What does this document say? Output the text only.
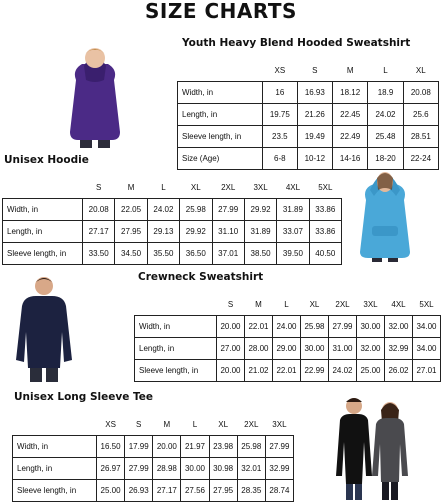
SIZE CHARTS
Youth Heavy Blend Hooded Sweatshirt
	XS	S	M	L	XL
Width, in	16	16.93	18.12	18.9	20.08
Length, in	19.75	21.26	22.45	24.02	25.6
Sleeve length, in	23.5	19.49	22.49	25.48	28.51
Size (Age)	6-8	10-12	14-16	18-20	22-24
Unisex Hoodie
	S	M	L	XL	2XL	3XL	4XL	5XL
Width, in	20.08	22.05	24.02	25.98	27.99	29.92	31.89	33.86
Length, in	27.17	27.95	29.13	29.92	31.10	31.89	33.07	33.86
Sleeve length, in	33.50	34.50	35.50	36.50	37.01	38.50	39.50	40.50
Crewneck Sweatshirt
	S	M	L	XL	2XL	3XL	4XL	5XL
Width, in	20.00	22.01	24.00	25.98	27.99	30.00	32.00	34.00
Length, in	27.00	28.00	29.00	30.00	31.00	32.00	32.99	34.00
Sleeve length, in	20.00	21.02	22.01	22.99	24.02	25.00	26.02	27.01
Unisex Long Sleeve Tee
	XS	S	M	L	XL	2XL	3XL
Width, in	16.50	17.99	20.00	21.97	23.98	25.98	27.99
Length, in	26.97	27.99	28.98	30.00	30.98	32.01	32.99
Sleeve length, in	25.00	26.93	27.17	27.56	27.95	28.35	28.74
